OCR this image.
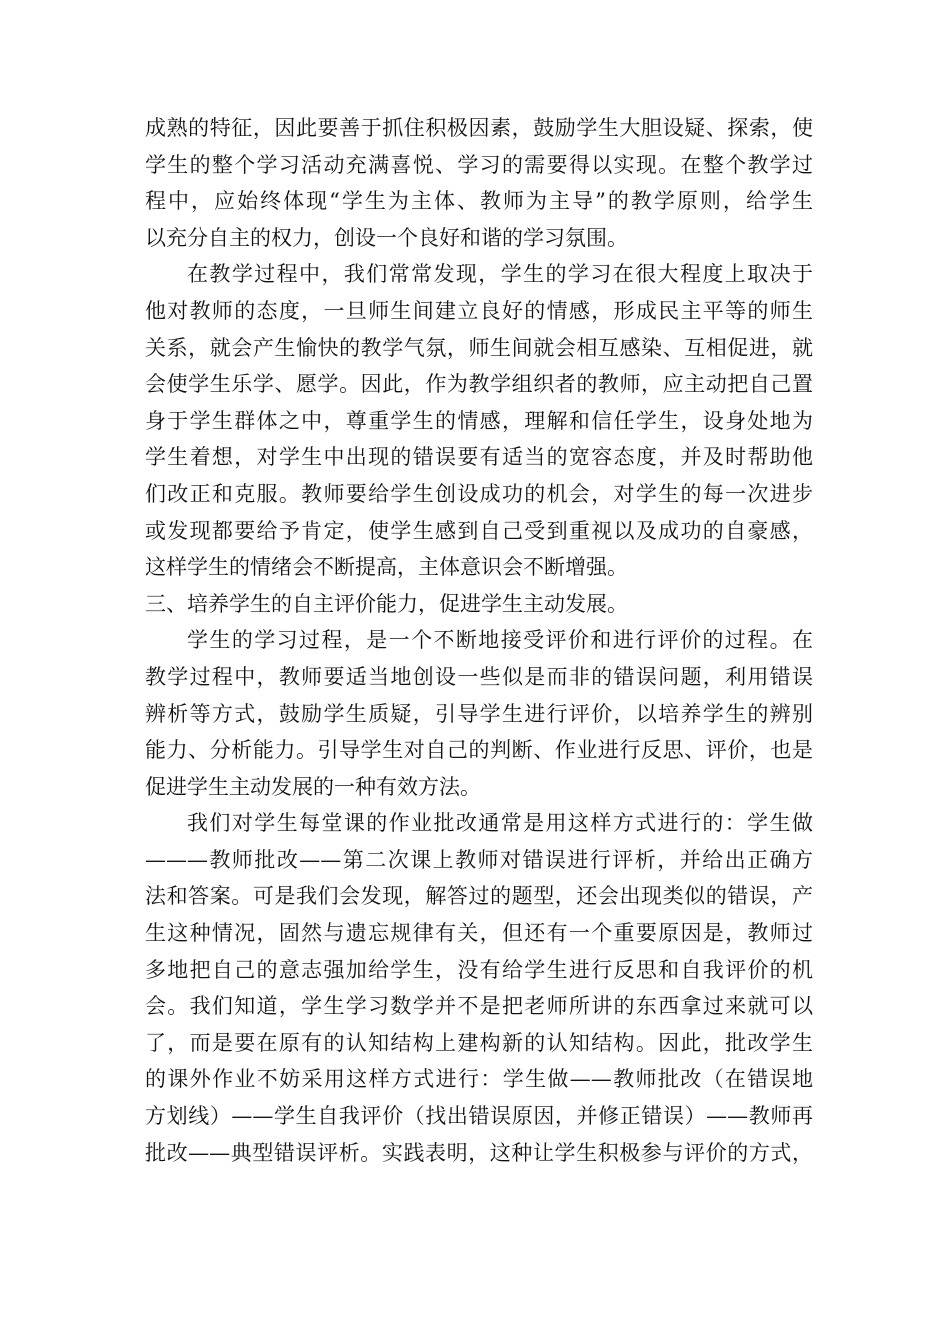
成熟的特征，因此要善于抓住积极因素，鼓励学生大胆设疑、探索，使
学生的整个学习活动充满喜悦、学习的需要得以实现。在整个教学过
程中，应始终体现“学生为主体、教师为主导”的教学原则，给学生
以充分自主的权力，创设一个良好和谐的学习氛围。
在教学过程中，我们常常发现，学生的学习在很大程度上取决于
他对教师的态度，一旦师生间建立良好的情感，形成民主平等的师生
关系，就会产生愉快的教学气氛，师生间就会相互感染、互相促进，就
会使学生乐学、愿学。因此，作为教学组织者的教师，应主动把自己置
身于学生群体之中，尊重学生的情感，理解和信任学生，设身处地为
学生着想，对学生中出现的错误要有适当的宽容态度，并及时帮助他
们改正和克服。教师要给学生创设成功的机会，对学生的每一次进步
或发现都要给予肯定，使学生感到自己受到重视以及成功的自豪感，
这样学生的情绪会不断提高，主体意识会不断增强。
三、培养学生的自主评价能力，促进学生主动发展。
学生的学习过程，是一个不断地接受评价和进行评价的过程。在
教学过程中，教师要适当地创设一些似是而非的错误问题，利用错误
辨析等方式，鼓励学生质疑，引导学生进行评价，以培养学生的辨别
能力、分析能力。引导学生对自己的判断、作业进行反思、评价，也是
促进学生主动发展的一种有效方法。
我们对学生每堂课的作业批改通常是用这样方式进行的：学生做
———教师批改——第二次课上教师对错误进行评析，并给出正确方
法和答案。可是我们会发现，解答过的题型，还会出现类似的错误，产
生这种情况，固然与遗忘规律有关，但还有一个重要原因是，教师过
多地把自己的意志强加给学生，没有给学生进行反思和自我评价的机
会。我们知道，学生学习数学并不是把老师所讲的东西拿过来就可以
了，而是要在原有的认知结构上建构新的认知结构。因此，批改学生
的课外作业不妨采用这样方式进行：学生做——教师批改（在错误地
方划线）——学生自我评价（找出错误原因，并修正错误）——教师再
批改——典型错误评析。实践表明，这种让学生积极参与评价的方式，
